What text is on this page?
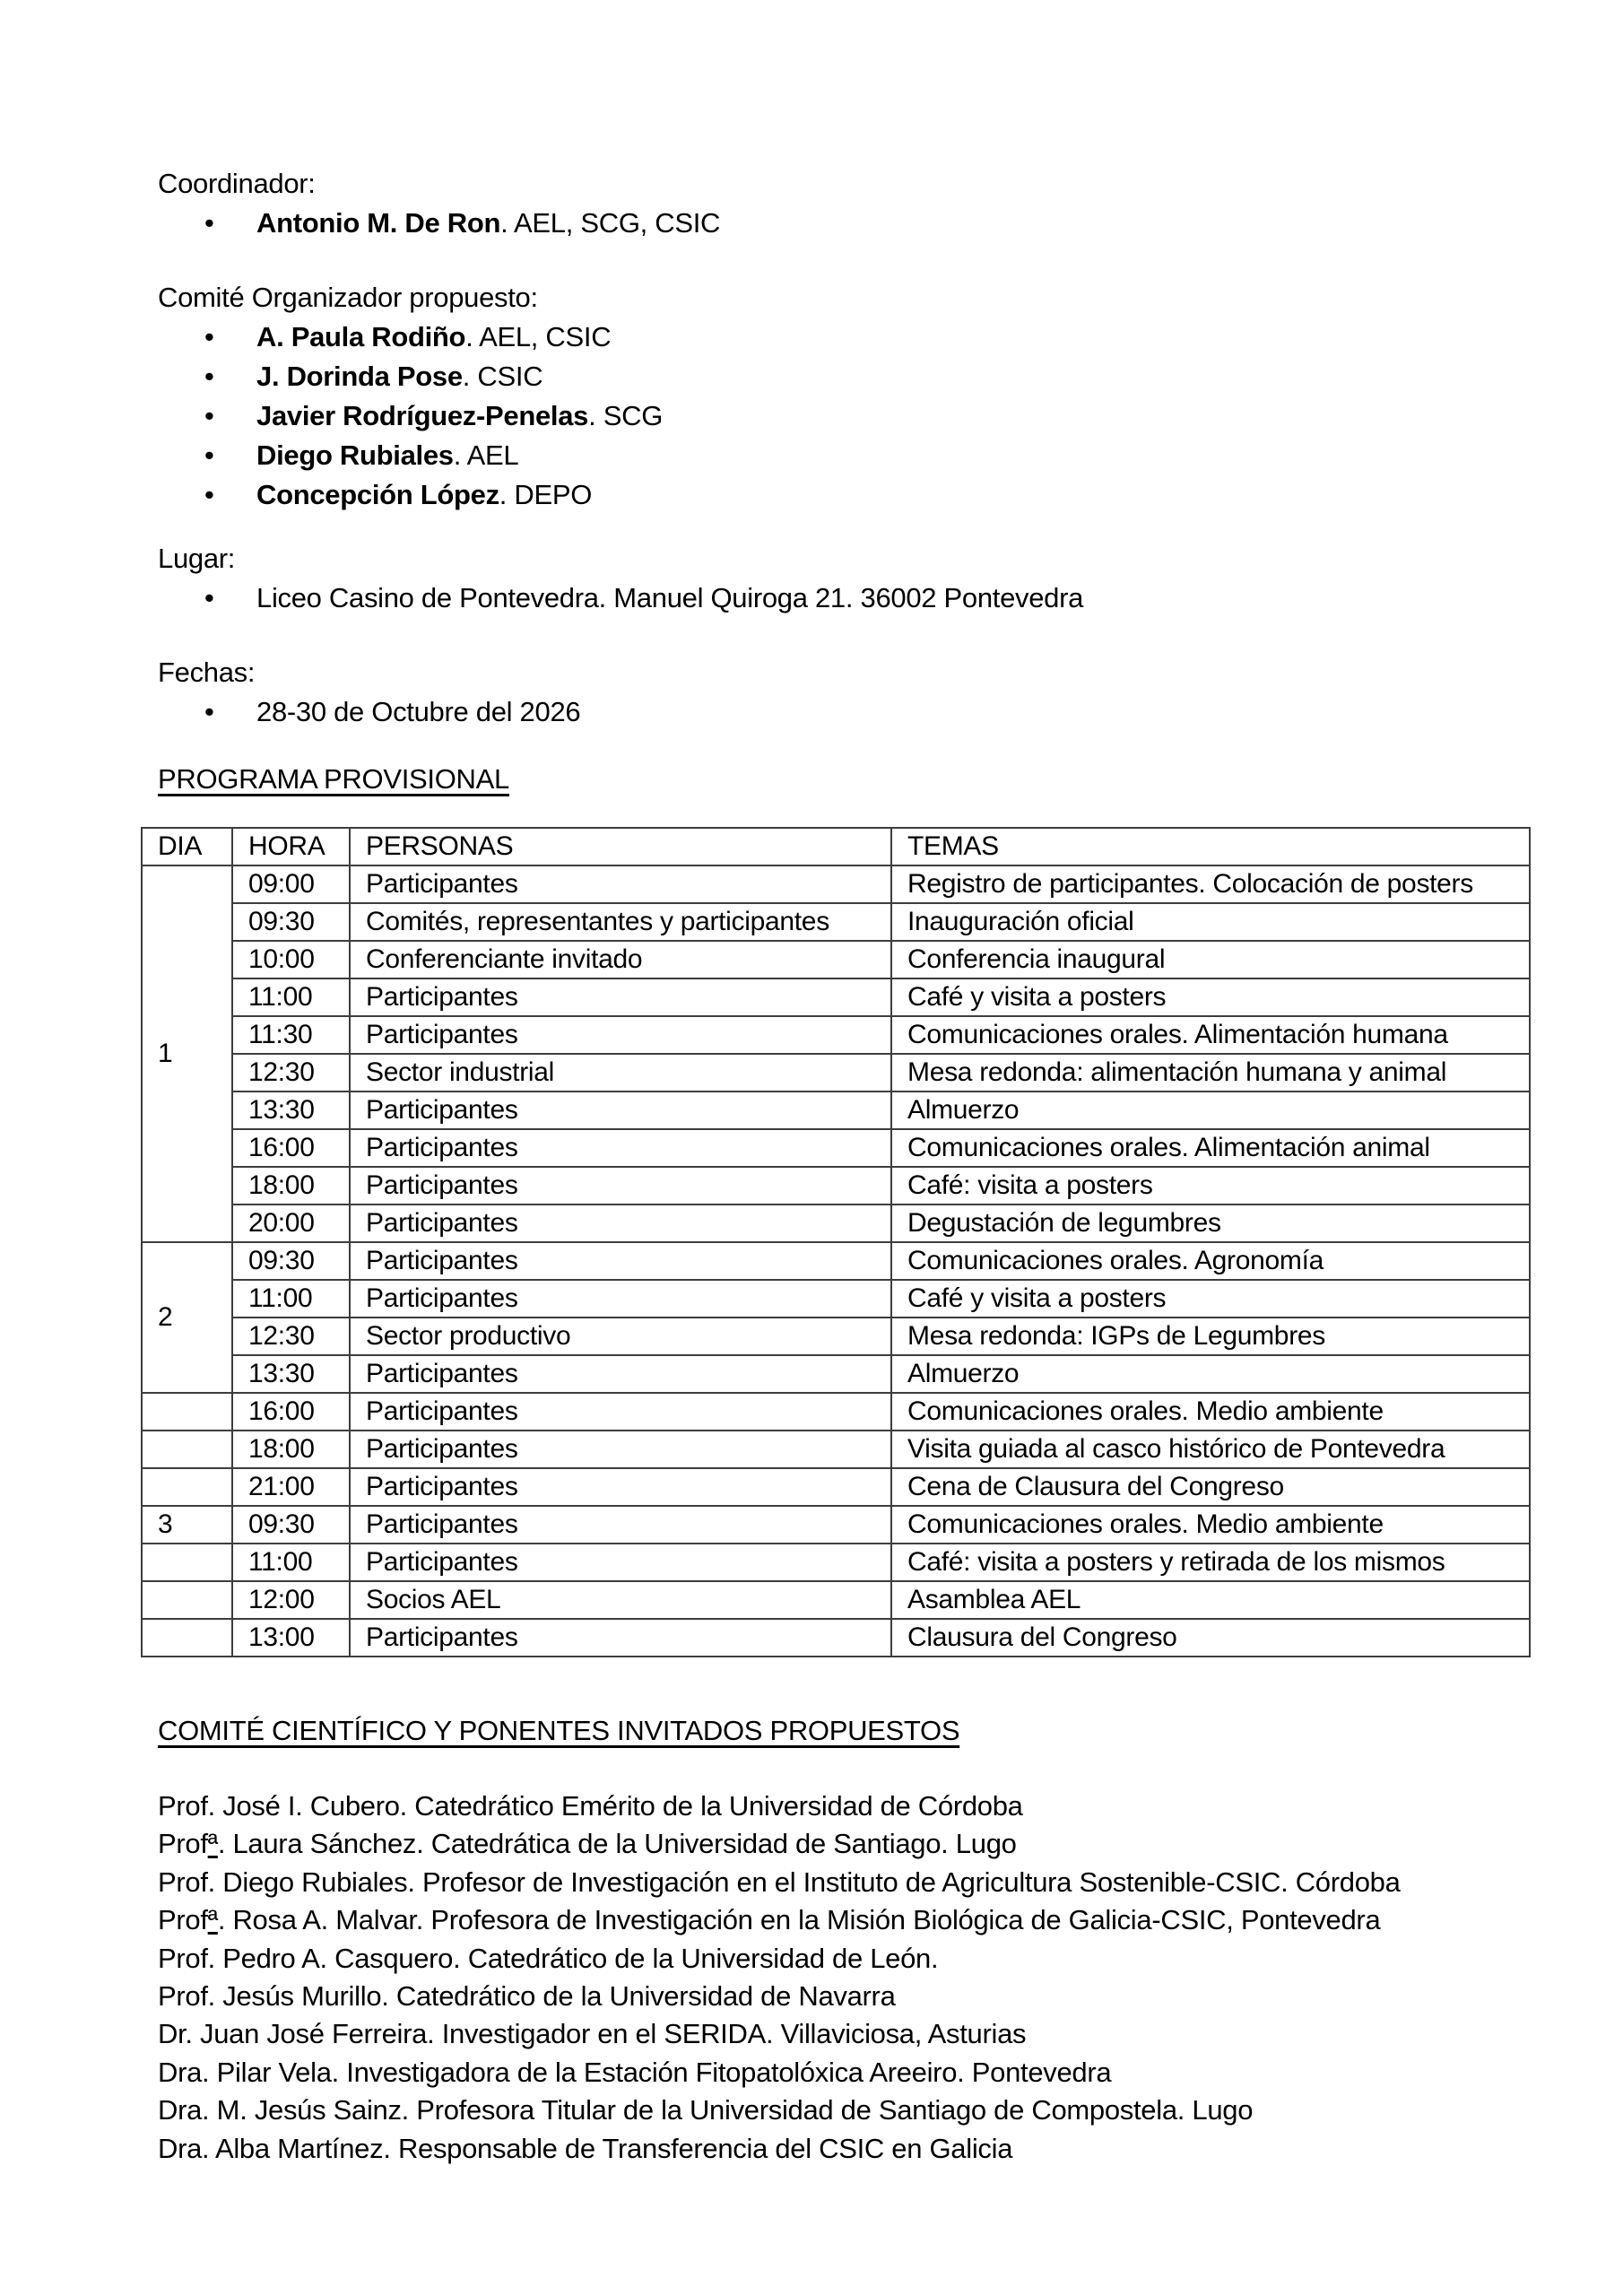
Coordinador:
• Antonio M. De Ron. AEL, SCG, CSIC
Comité Organizador propuesto:
• A. Paula Rodiño. AEL, CSIC
• J. Dorinda Pose. CSIC
• Javier Rodríguez-Penelas. SCG
• Diego Rubiales. AEL
• Concepción López. DEPO
Lugar:
• Liceo Casino de Pontevedra. Manuel Quiroga 21. 36002 Pontevedra
Fechas:
• 28-30 de Octubre del 2026
PROGRAMA PROVISIONAL
DIA	HORA	PERSONAS	TEMAS
1	09:00	Participantes	Registro de participantes. Colocación de posters
	09:30	Comités, representantes y participantes	Inauguración oficial
	10:00	Conferenciante invitado	Conferencia inaugural
	11:00	Participantes	Café y visita a posters
	11:30	Participantes	Comunicaciones orales. Alimentación humana
	12:30	Sector industrial	Mesa redonda: alimentación humana y animal
	13:30	Participantes	Almuerzo
	16:00	Participantes	Comunicaciones orales. Alimentación animal
	18:00	Participantes	Café: visita a posters
	20:00	Participantes	Degustación de legumbres
2	09:30	Participantes	Comunicaciones orales. Agronomía
	11:00	Participantes	Café y visita a posters
	12:30	Sector productivo	Mesa redonda: IGPs de Legumbres
	13:30	Participantes	Almuerzo
	16:00	Participantes	Comunicaciones orales. Medio ambiente
	18:00	Participantes	Visita guiada al casco histórico de Pontevedra
	21:00	Participantes	Cena de Clausura del Congreso
3	09:30	Participantes	Comunicaciones orales. Medio ambiente
	11:00	Participantes	Café: visita a posters y retirada de los mismos
	12:00	Socios AEL	Asamblea AEL
	13:00	Participantes	Clausura del Congreso
COMITÉ CIENTÍFICO Y PONENTES INVITADOS PROPUESTOS
Prof. José I. Cubero. Catedrático Emérito de la Universidad de Córdoba
Profª. Laura Sánchez. Catedrática de la Universidad de Santiago. Lugo
Prof. Diego Rubiales. Profesor de Investigación en el Instituto de Agricultura Sostenible-CSIC. Córdoba
Profª. Rosa A. Malvar. Profesora de Investigación en la Misión Biológica de Galicia-CSIC, Pontevedra
Prof. Pedro A. Casquero. Catedrático de la Universidad de León.
Prof. Jesús Murillo. Catedrático de la Universidad de Navarra
Dr. Juan José Ferreira. Investigador en el SERIDA. Villaviciosa, Asturias
Dra. Pilar Vela. Investigadora de la Estación Fitopatolóxica Areeiro. Pontevedra
Dra. M. Jesús Sainz. Profesora Titular de la Universidad de Santiago de Compostela. Lugo
Dra. Alba Martínez. Responsable de Transferencia del CSIC en Galicia
